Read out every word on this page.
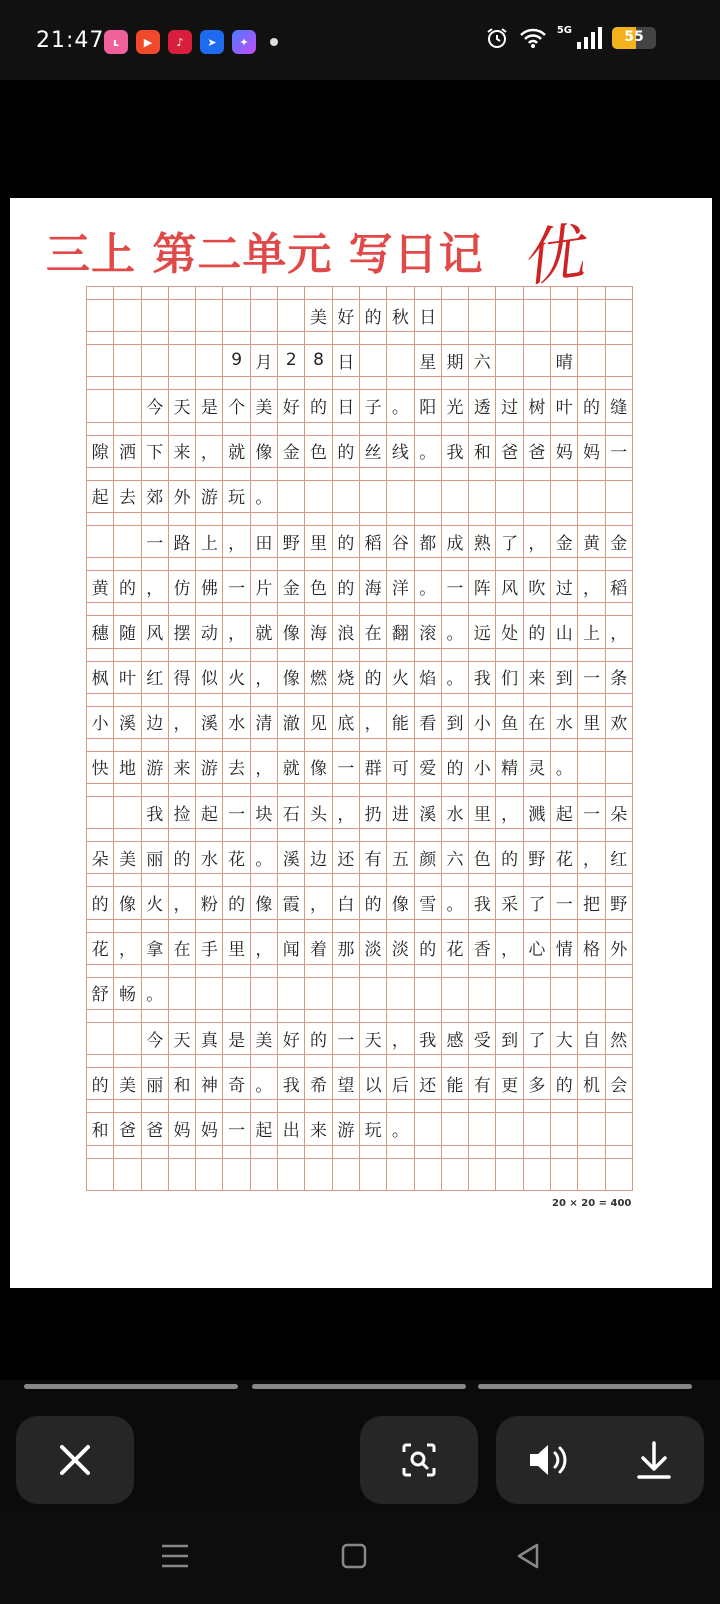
21:47 ʟ	▶	♪	➤	✦
5G	55
三上 第二单元 写日记 优
美 好 的 秋 日
9 月 2 8 日	星 期 六	晴
今 天 是 个 美 好 的 日 子 。 阳 光 透 过 树 叶 的 缝
隙 洒 下 来 ， 就 像 金 色 的 丝 线 。 我 和 爸 爸 妈 妈 一
起 去 郊 外 游 玩 。
一 路 上 ， 田 野 里 的 稻 谷 都 成 熟 了 ， 金 黄 金
黄 的 ， 仿 佛 一 片 金 色 的 海 洋 。 一 阵 风 吹 过 ， 稻
穗 随 风 摆 动 ， 就 像 海 浪 在 翻 滚 。 远 处 的 山 上 ，
枫 叶 红 得 似 火 ， 像 燃 烧 的 火 焰 。 我 们 来 到 一 条
小 溪 边 ， 溪 水 清 澈 见 底 ， 能 看 到 小 鱼 在 水 里 欢
快 地 游 来 游 去 ， 就 像 一 群 可 爱 的 小 精 灵 。
我 捡 起 一 块 石 头 ， 扔 进 溪 水 里 ， 溅 起 一 朵
朵 美 丽 的 水 花 。 溪 边 还 有 五 颜 六 色 的 野 花 ， 红
的 像 火 ， 粉 的 像 霞 ， 白 的 像 雪 。 我 采 了 一 把 野
花 ， 拿 在 手 里 ， 闻 着 那 淡 淡 的 花 香 ， 心 情 格 外
舒 畅 。
今 天 真 是 美 好 的 一 天 ， 我 感 受 到 了 大 自 然
的 美 丽 和 神 奇 。 我 希 望 以 后 还 能 有 更 多 的 机 会
和 爸 爸 妈 妈 一 起 出 来 游 玩 。
20 × 20 = 400
